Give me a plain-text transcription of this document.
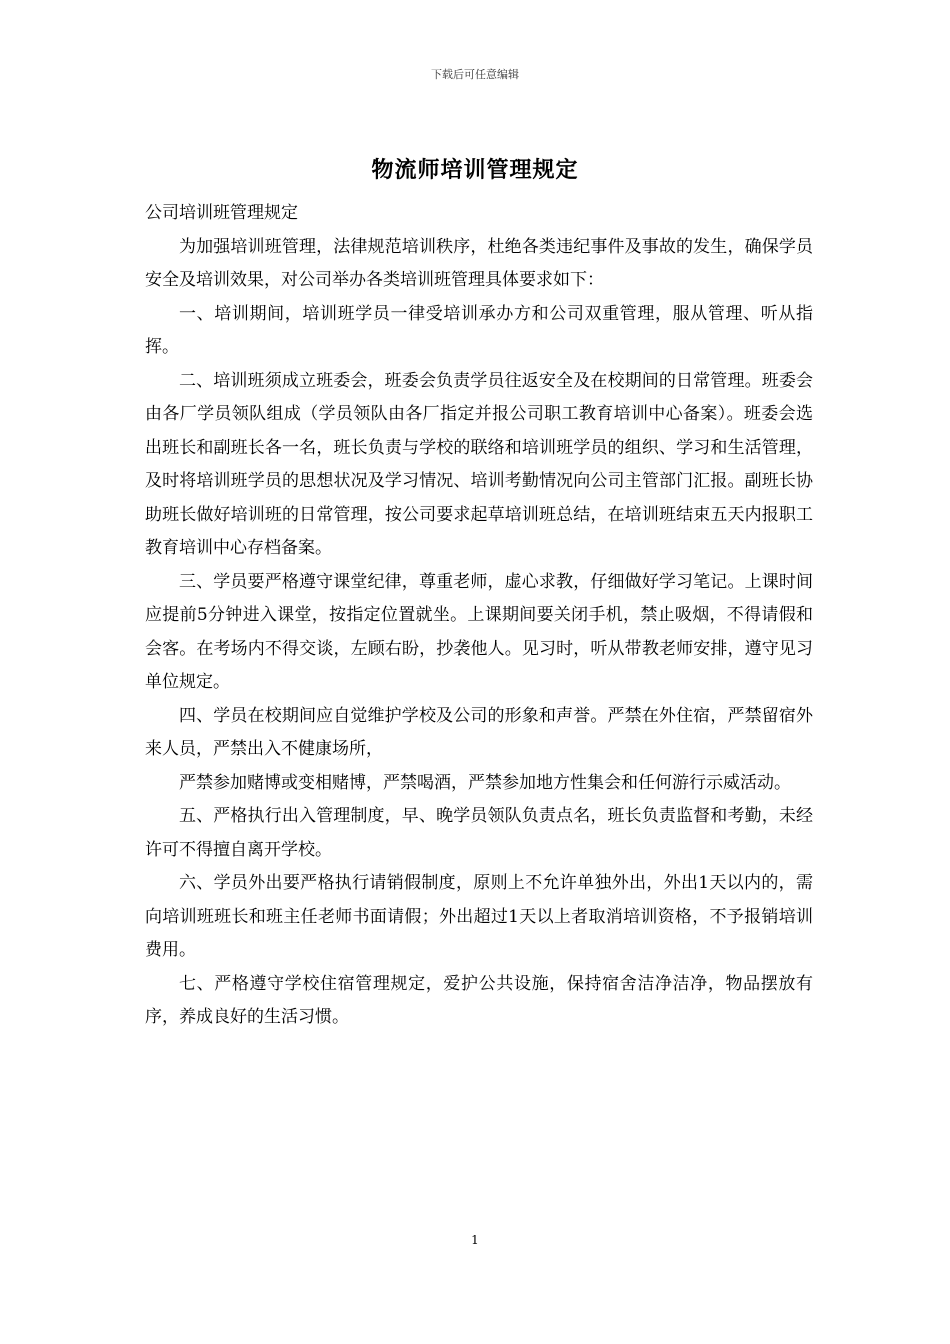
下载后可任意编辑
物流师培训管理规定

公司培训班管理规定

为加强培训班管理，法律规范培训秩序，杜绝各类违纪事件及事故的发生，确保学员安全及培训效果，对公司举办各类培训班管理具体要求如下：

一、培训期间，培训班学员一律受培训承办方和公司双重管理，服从管理、听从指挥。

二、培训班须成立班委会，班委会负责学员往返安全及在校期间的日常管理。班委会由各厂学员领队组成（学员领队由各厂指定并报公司职工教育培训中心备案）。班委会选出班长和副班长各一名，班长负责与学校的联络和培训班学员的组织、学习和生活管理，及时将培训班学员的思想状况及学习情况、培训考勤情况向公司主管部门汇报。副班长协助班长做好培训班的日常管理，按公司要求起草培训班总结，在培训班结束五天内报职工教育培训中心存档备案。

三、学员要严格遵守课堂纪律，尊重老师，虚心求教，仔细做好学习笔记。上课时间应提前5分钟进入课堂，按指定位置就坐。上课期间要关闭手机，禁止吸烟，不得请假和会客。在考场内不得交谈，左顾右盼，抄袭他人。见习时，听从带教老师安排，遵守见习单位规定。

四、学员在校期间应自觉维护学校及公司的形象和声誉。严禁在外住宿，严禁留宿外来人员，严禁出入不健康场所，

严禁参加赌博或变相赌博，严禁喝酒，严禁参加地方性集会和任何游行示威活动。

五、严格执行出入管理制度，早、晚学员领队负责点名，班长负责监督和考勤，未经许可不得擅自离开学校。

六、学员外出要严格执行请销假制度，原则上不允许单独外出，外出1天以内的，需向培训班班长和班主任老师书面请假；外出超过1天以上者取消培训资格，不予报销培训费用。

七、严格遵守学校住宿管理规定，爱护公共设施，保持宿舍洁净洁净，物品摆放有序，养成良好的生活习惯。

1
